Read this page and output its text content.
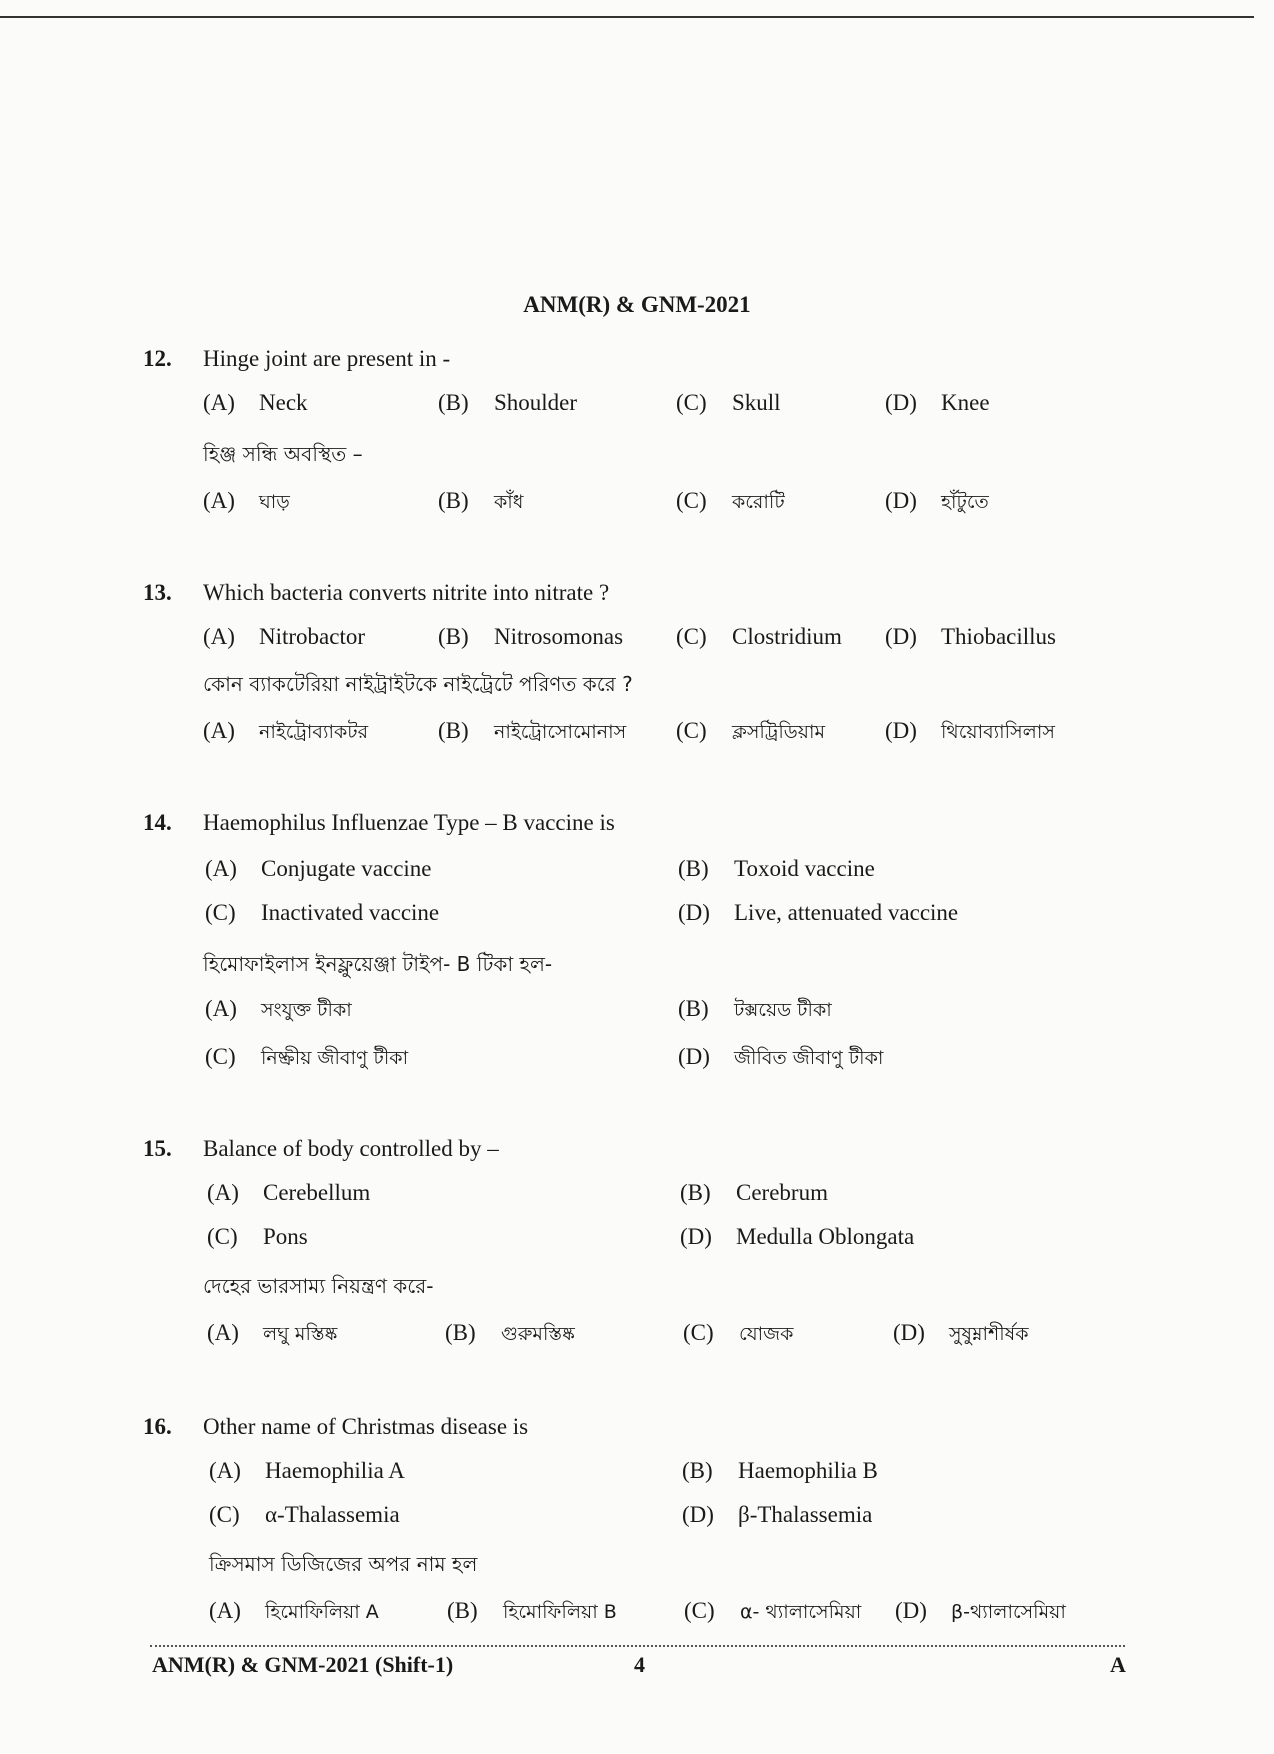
ANM(R) & GNM-2021
12. Hinge joint are present in -
(A) Neck	(B) Shoulder	(C) Skull	(D) Knee
হিঞ্জ সন্ধি অবস্থিত –
(A) ঘাড়	(B) কাঁধ	(C) করোটি	(D) হাঁটুতে
13. Which bacteria converts nitrite into nitrate ?
(A) Nitrobactor	(B) Nitrosomonas (C) Clostridium (D) Thiobacillus
কোন ব্যাকটেরিয়া নাইট্রাইটকে নাইট্রেটে পরিণত করে ?
(A) নাইট্রোব্যাকটর	(B) নাইট্রোসোমোনাস (C) ক্লসট্রিডিয়াম	(D) থিয়োব্যাসিলাস
14. Haemophilus Influenzae Type – B vaccine is
(A) Conjugate vaccine	(B) Toxoid vaccine
(C) Inactivated vaccine	(D) Live, attenuated vaccine
হিমোফাইলাস ইনফ্লুয়েঞ্জা টাইপ- B টিকা হল-
(A) সংযুক্ত টীকা	(B) টক্সয়েড টীকা
(C) নিষ্ক্রীয় জীবাণু টীকা	(D) জীবিত জীবাণু টীকা
15. Balance of body controlled by –
(A) Cerebellum	(B) Cerebrum
(C) Pons	(D) Medulla Oblongata
দেহের ভারসাম্য নিয়ন্ত্রণ করে-
(A) লঘু মস্তিষ্ক	(B) গুরুমস্তিষ্ক	(C) যোজক	(D) সুষুম্নাশীর্ষক
16. Other name of Christmas disease is
(A) Haemophilia A	(B) Haemophilia B
(C) α-Thalassemia	(D) β-Thalassemia
ক্রিসমাস ডিজিজের অপর নাম হল
(A) হিমোফিলিয়া A	(B) হিমোফিলিয়া B	(C) α- থ্যালাসেমিয়া (D) β-থ্যালাসেমিয়া
ANM(R) & GNM-2021 (Shift-1)	4	A
